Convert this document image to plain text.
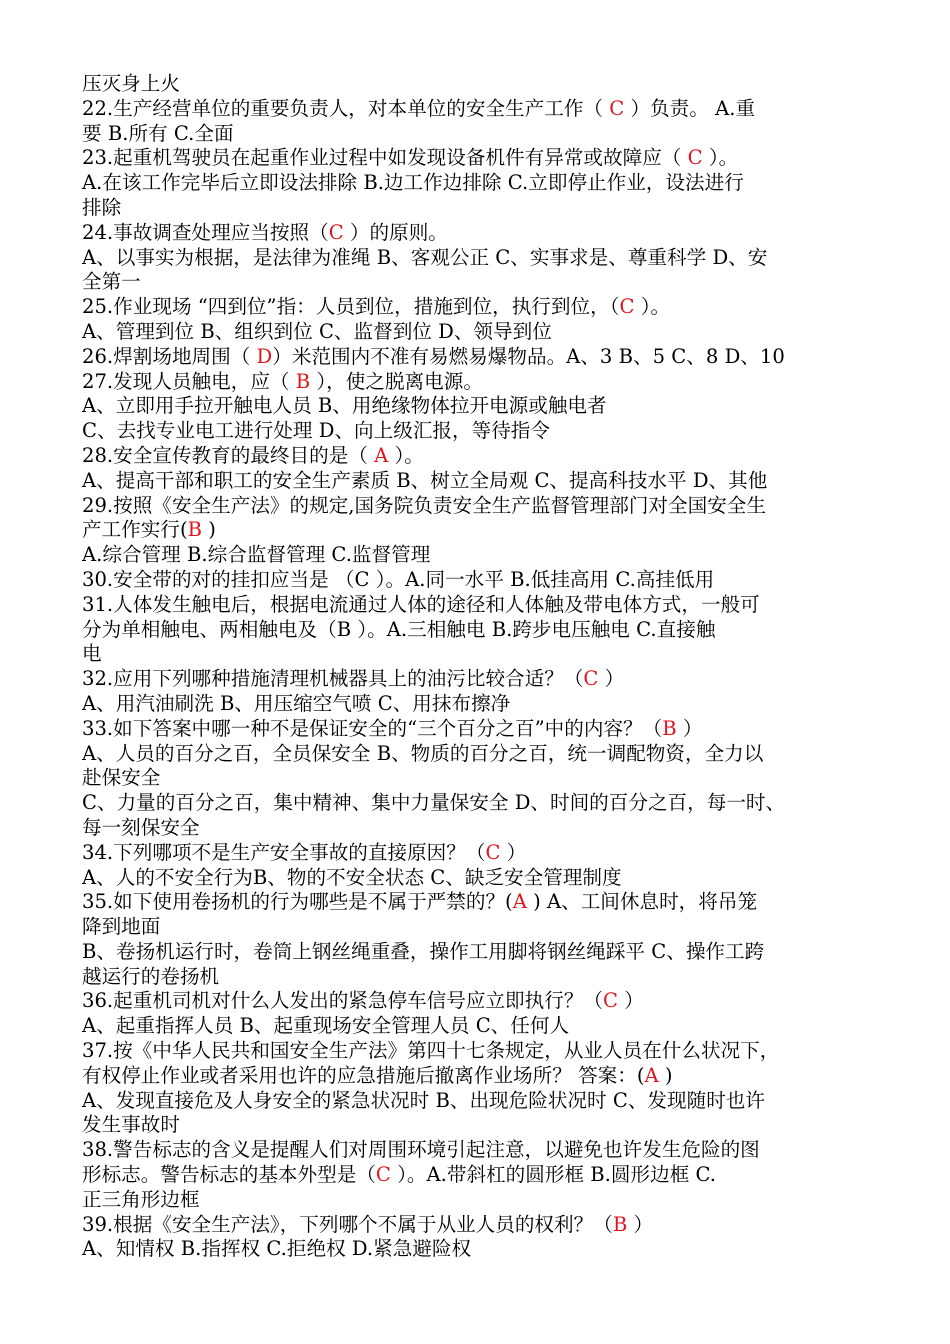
压灭身上火
22.生产经营单位的重要负责人，对本单位的安全生产工作（ C ）负责。 A.重
要 B.所有 C.全面
23.起重机驾驶员在起重作业过程中如发现设备机件有异常或故障应（ C ）。
A.在该工作完毕后立即设法排除 B.边工作边排除 C.立即停止作业，设法进行
排除
24.事故调查处理应当按照（C ）的原则。
A、以事实为根据，是法律为准绳 B、客观公正 C、实事求是、尊重科学 D、安
全第一
25.作业现场 “四到位”指：人员到位，措施到位，执行到位，（C ）。
A、管理到位 B、组织到位 C、监督到位 D、领导到位
26.焊割场地周围（ D）米范围内不准有易燃易爆物品。A、3 B、5 C、8 D、10
27.发现人员触电，应（ B ），使之脱离电源。
A、立即用手拉开触电人员 B、用绝缘物体拉开电源或触电者
C、去找专业电工进行处理 D、向上级汇报，等待指令
28.安全宣传教育的最终目的是（ A ）。
A、提高干部和职工的安全生产素质 B、树立全局观 C、提高科技水平 D、其他
29.按照《安全生产法》的规定,国务院负责安全生产监督管理部门对全国安全生
产工作实行(B )
A.综合管理 B.综合监督管理 C.监督管理
30.安全带的对的挂扣应当是 （C ）。A.同一水平 B.低挂高用 C.高挂低用
31.人体发生触电后，根据电流通过人体的途径和人体触及带电体方式，一般可
分为单相触电、两相触电及（B ）。A.三相触电 B.跨步电压触电 C.直接触
电
32.应用下列哪种措施清理机械器具上的油污比较合适？（C ）
A、用汽油刷洗 B、用压缩空气喷 C、用抹布擦净
33.如下答案中哪一种不是保证安全的“三个百分之百”中的内容？（B ）
A、人员的百分之百，全员保安全 B、物质的百分之百，统一调配物资，全力以
赴保安全
C、力量的百分之百，集中精神、集中力量保安全 D、时间的百分之百，每一时、
每一刻保安全
34.下列哪项不是生产安全事故的直接原因？（C ）
A、人的不安全行为B、物的不安全状态 C、缺乏安全管理制度
35.如下使用卷扬机的行为哪些是不属于严禁的？(A ) A、工间休息时，将吊笼
降到地面
B、卷扬机运行时，卷筒上钢丝绳重叠，操作工用脚将钢丝绳踩平 C、操作工跨
越运行的卷扬机
36.起重机司机对什么人发出的紧急停车信号应立即执行？（C ）
A、起重指挥人员 B、起重现场安全管理人员 C、任何人
37.按《中华人民共和国安全生产法》第四十七条规定，从业人员在什么状况下，
有权停止作业或者采用也许的应急措施后撤离作业场所？ 答案：(A )
A、发现直接危及人身安全的紧急状况时 B、出现危险状况时 C、发现随时也许
发生事故时
38.警告标志的含义是提醒人们对周围环境引起注意，以避免也许发生危险的图
形标志。警告标志的基本外型是（C ）。A.带斜杠的圆形框 B.圆形边框 C.
正三角形边框
39.根据《安全生产法》，下列哪个不属于从业人员的权利？（B ）
A、知情权 B.指挥权 C.拒绝权 D.紧急避险权
